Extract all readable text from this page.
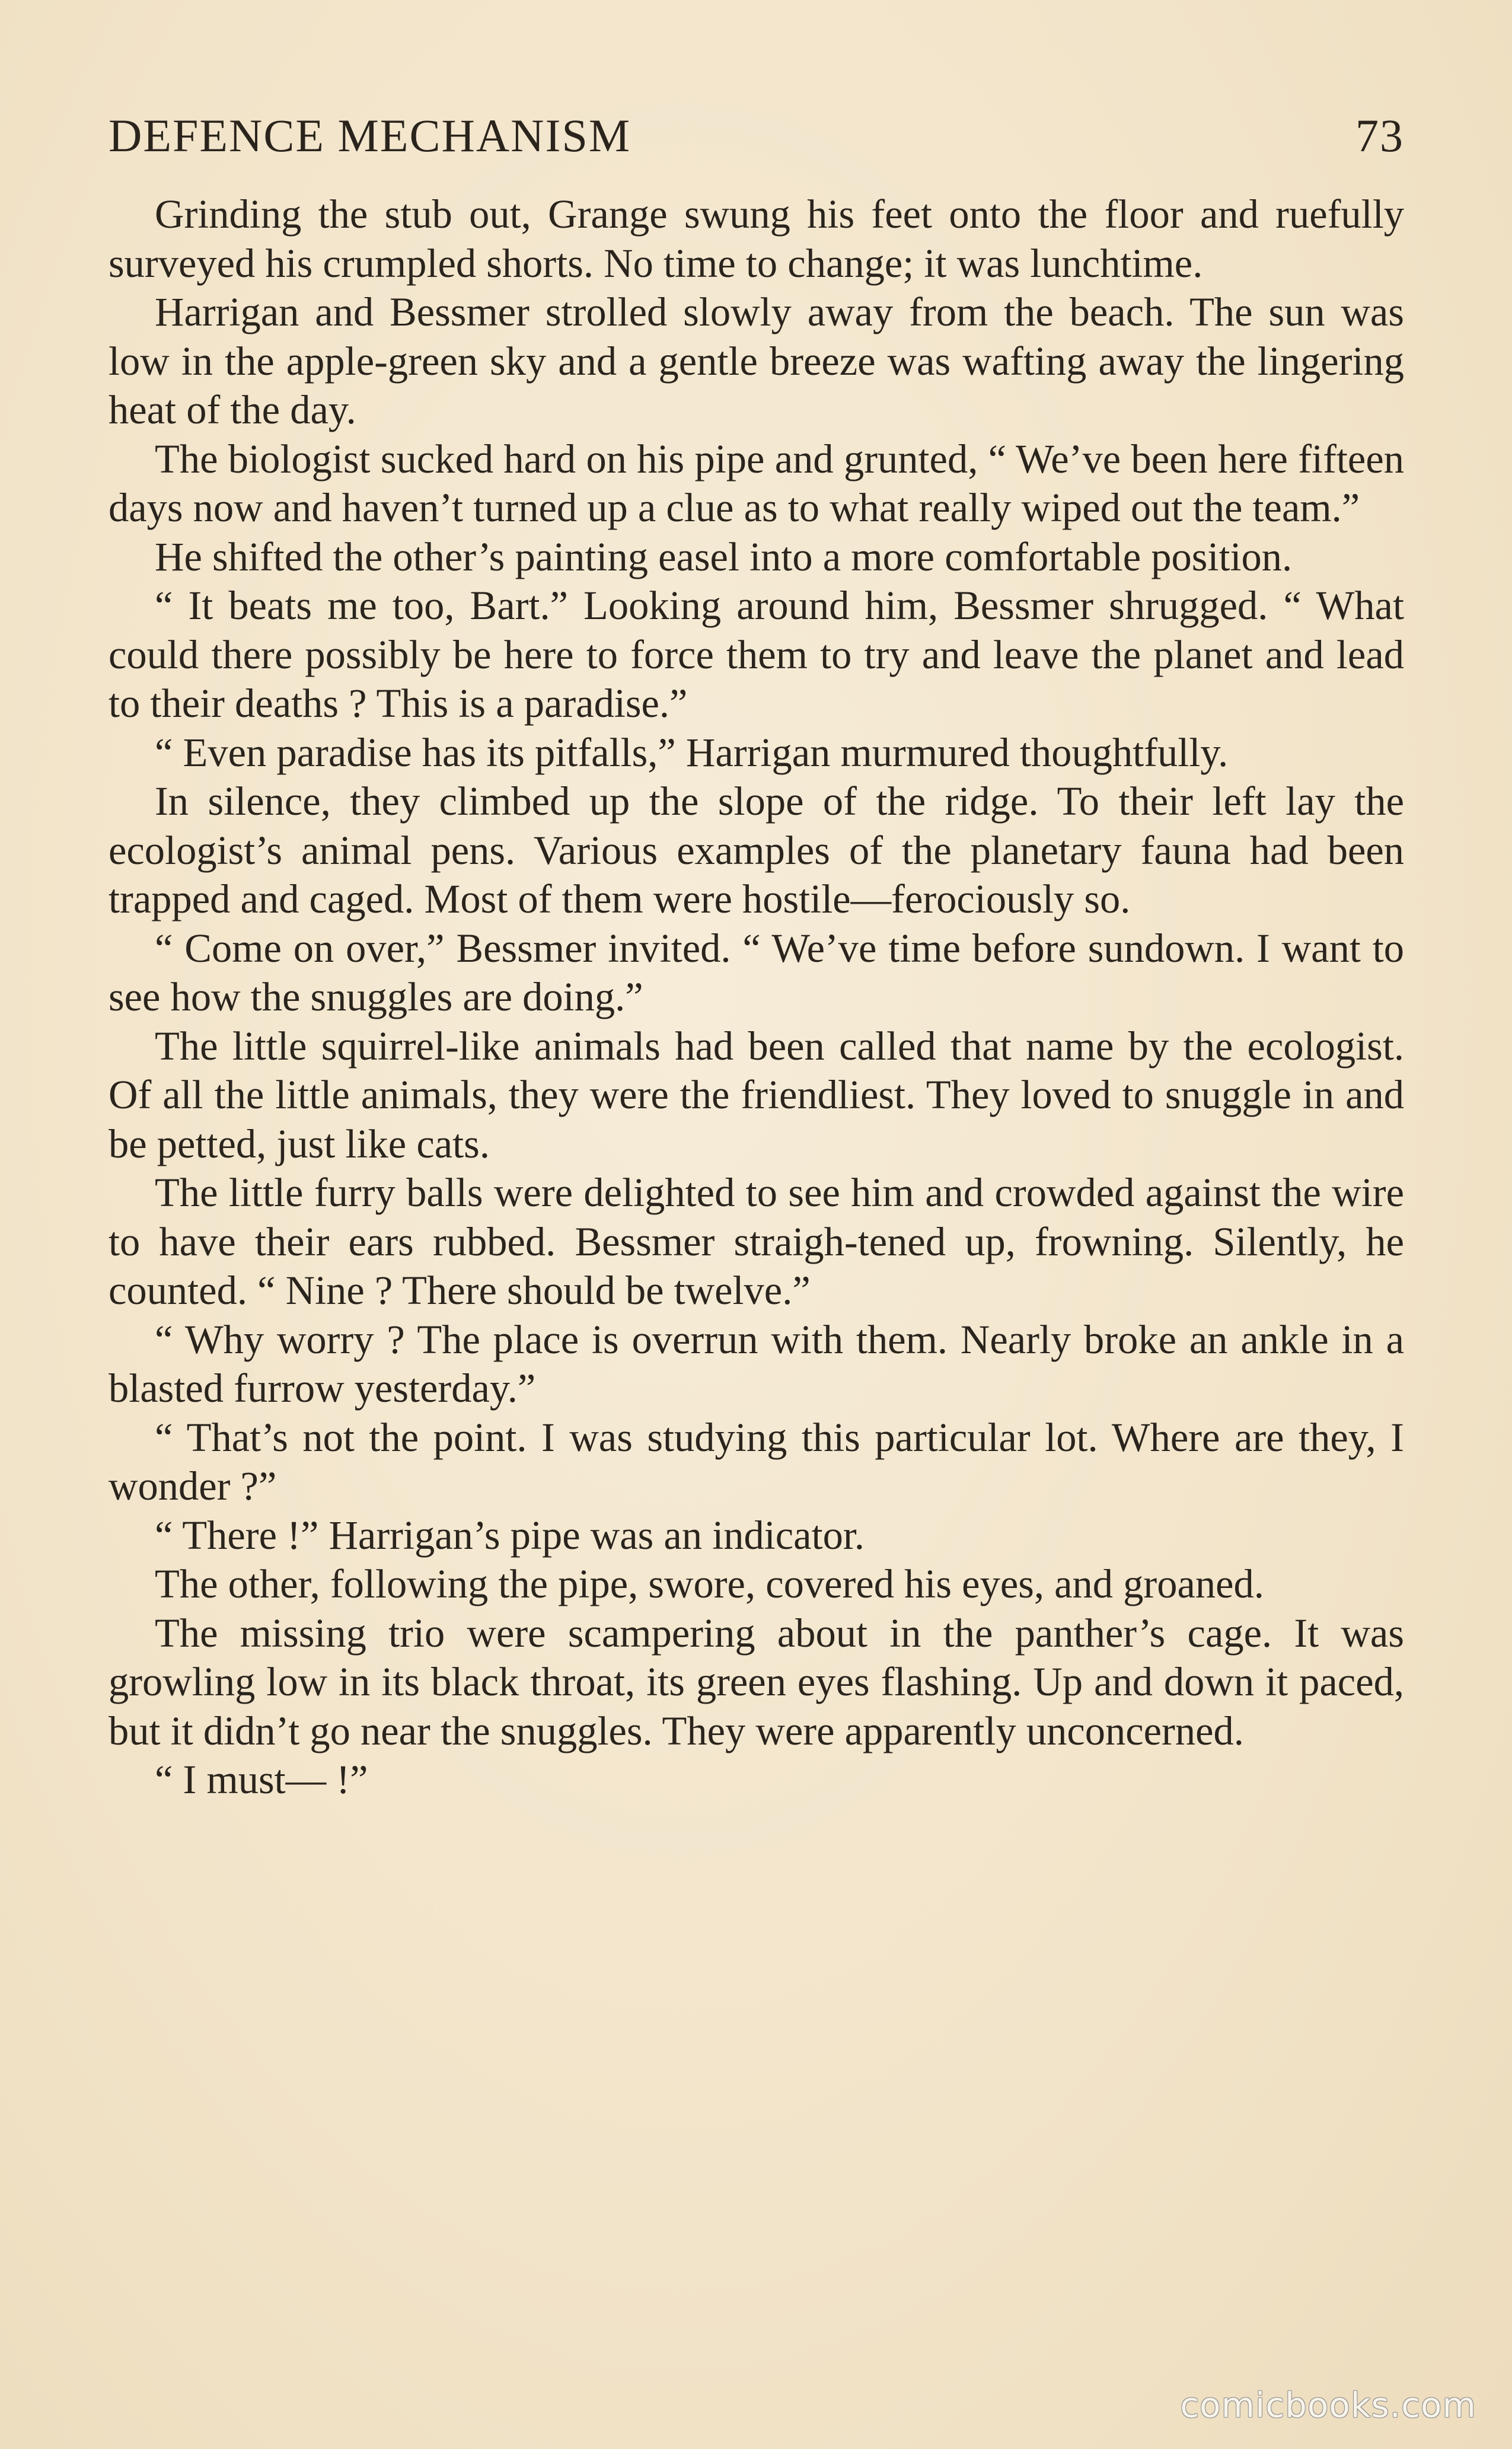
DEFENCE MECHANISM	73

Grinding the stub out, Grange swung his feet onto the floor and ruefully surveyed his crumpled shorts. No time to change; it was lunchtime.

Harrigan and Bessmer strolled slowly away from the beach. The sun was low in the apple-green sky and a gentle breeze was wafting away the lingering heat of the day.

The biologist sucked hard on his pipe and grunted, “ We’ve been here fifteen days now and haven’t turned up a clue as to what really wiped out the team.”

He shifted the other’s painting easel into a more comfortable position.

“ It beats me too, Bart.” Looking around him, Bessmer shrugged. “ What could there possibly be here to force them to try and leave the planet and lead to their deaths ? This is a paradise.”

“ Even paradise has its pitfalls,” Harrigan murmured thoughtfully.

In silence, they climbed up the slope of the ridge. To their left lay the ecologist’s animal pens. Various examples of the planetary fauna had been trapped and caged. Most of them were hostile—ferociously so.

“ Come on over,” Bessmer invited. “ We’ve time before sundown. I want to see how the snuggles are doing.”

The little squirrel-like animals had been called that name by the ecologist. Of all the little animals, they were the friendliest. They loved to snuggle in and be petted, just like cats.

The little furry balls were delighted to see him and crowded against the wire to have their ears rubbed. Bessmer straigh-tened up, frowning. Silently, he counted. “ Nine ? There should be twelve.”

“ Why worry ? The place is overrun with them. Nearly broke an ankle in a blasted furrow yesterday.”

“ That’s not the point. I was studying this particular lot. Where are they, I wonder ?”

“ There !” Harrigan’s pipe was an indicator.

The other, following the pipe, swore, covered his eyes, and groaned.

The missing trio were scampering about in the panther’s cage. It was growling low in its black throat, its green eyes flashing. Up and down it paced, but it didn’t go near the snuggles. They were apparently unconcerned.

“ I must— !”

comicbooks.com
